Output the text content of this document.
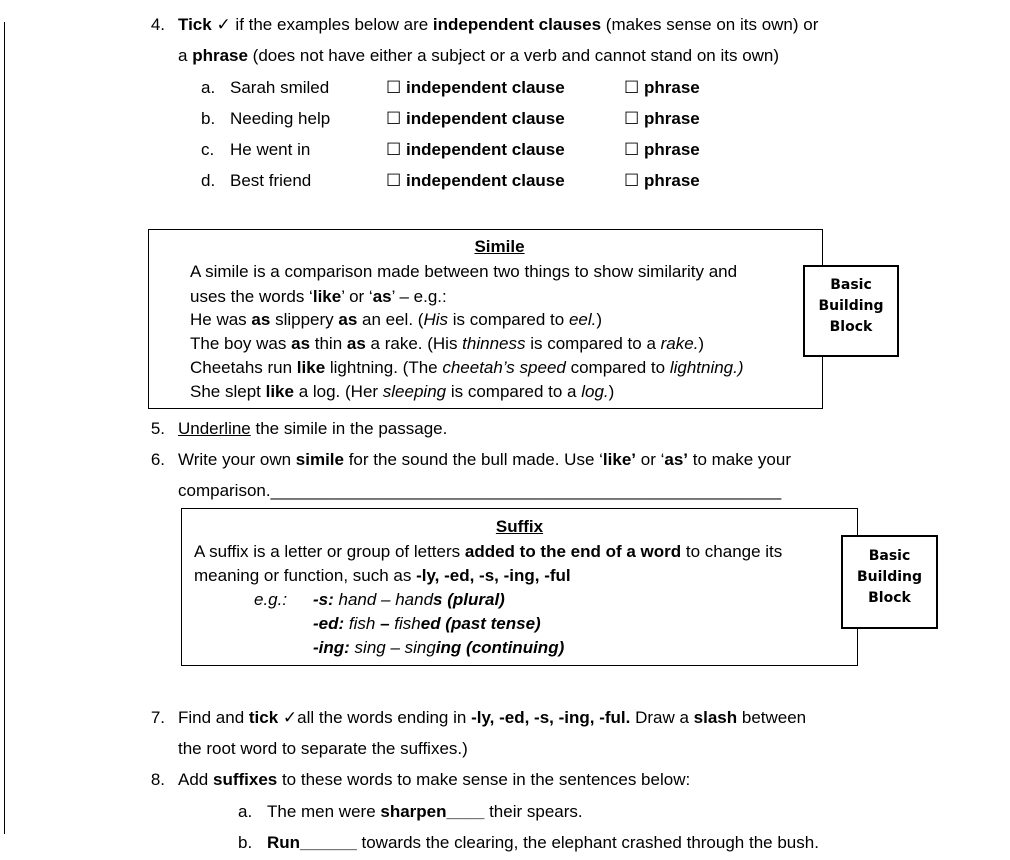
4. Tick ✓ if the examples below are independent clauses (makes sense on its own) or
a phrase (does not have either a subject or a verb and cannot stand on its own)
a. Sarah smiled	☐ independent clause	☐ phrase
b. Needing help	☐ independent clause	☐ phrase
c. He went in	☐ independent clause	☐ phrase
d. Best friend	☐ independent clause	☐ phrase
Simile
A simile is a comparison made between two things to show similarity and
uses the words ‘like’ or ‘as’ – e.g.:
He was as slippery as an eel. (His is compared to eel.)
The boy was as thin as a rake. (His thinness is compared to a rake.)
Cheetahs run like lightning. (The cheetah’s speed compared to lightning.)
She slept like a log. (Her sleeping is compared to a log.)
Basic
Building
Block
5. Underline the simile in the passage.
6. Write your own simile for the sound the bull made. Use ‘like’ or ‘as’ to make your
comparison.______________________________________________________
Suffix
A suffix is a letter or group of letters added to the end of a word to change its
meaning or function, such as -ly, -ed, -s, -ing, -ful
e.g.: -s: hand – hands (plural)
-ed: fish – fished (past tense)
-ing: sing – singing (continuing)
Basic
Building
Block
7. Find and tick ✓all the words ending in -ly, -ed, -s, -ing, -ful. Draw a slash between
the root word to separate the suffixes.)
8. Add suffixes to these words to make sense in the sentences below:
a. The men were sharpen____ their spears.
b. Run______ towards the clearing, the elephant crashed through the bush.
